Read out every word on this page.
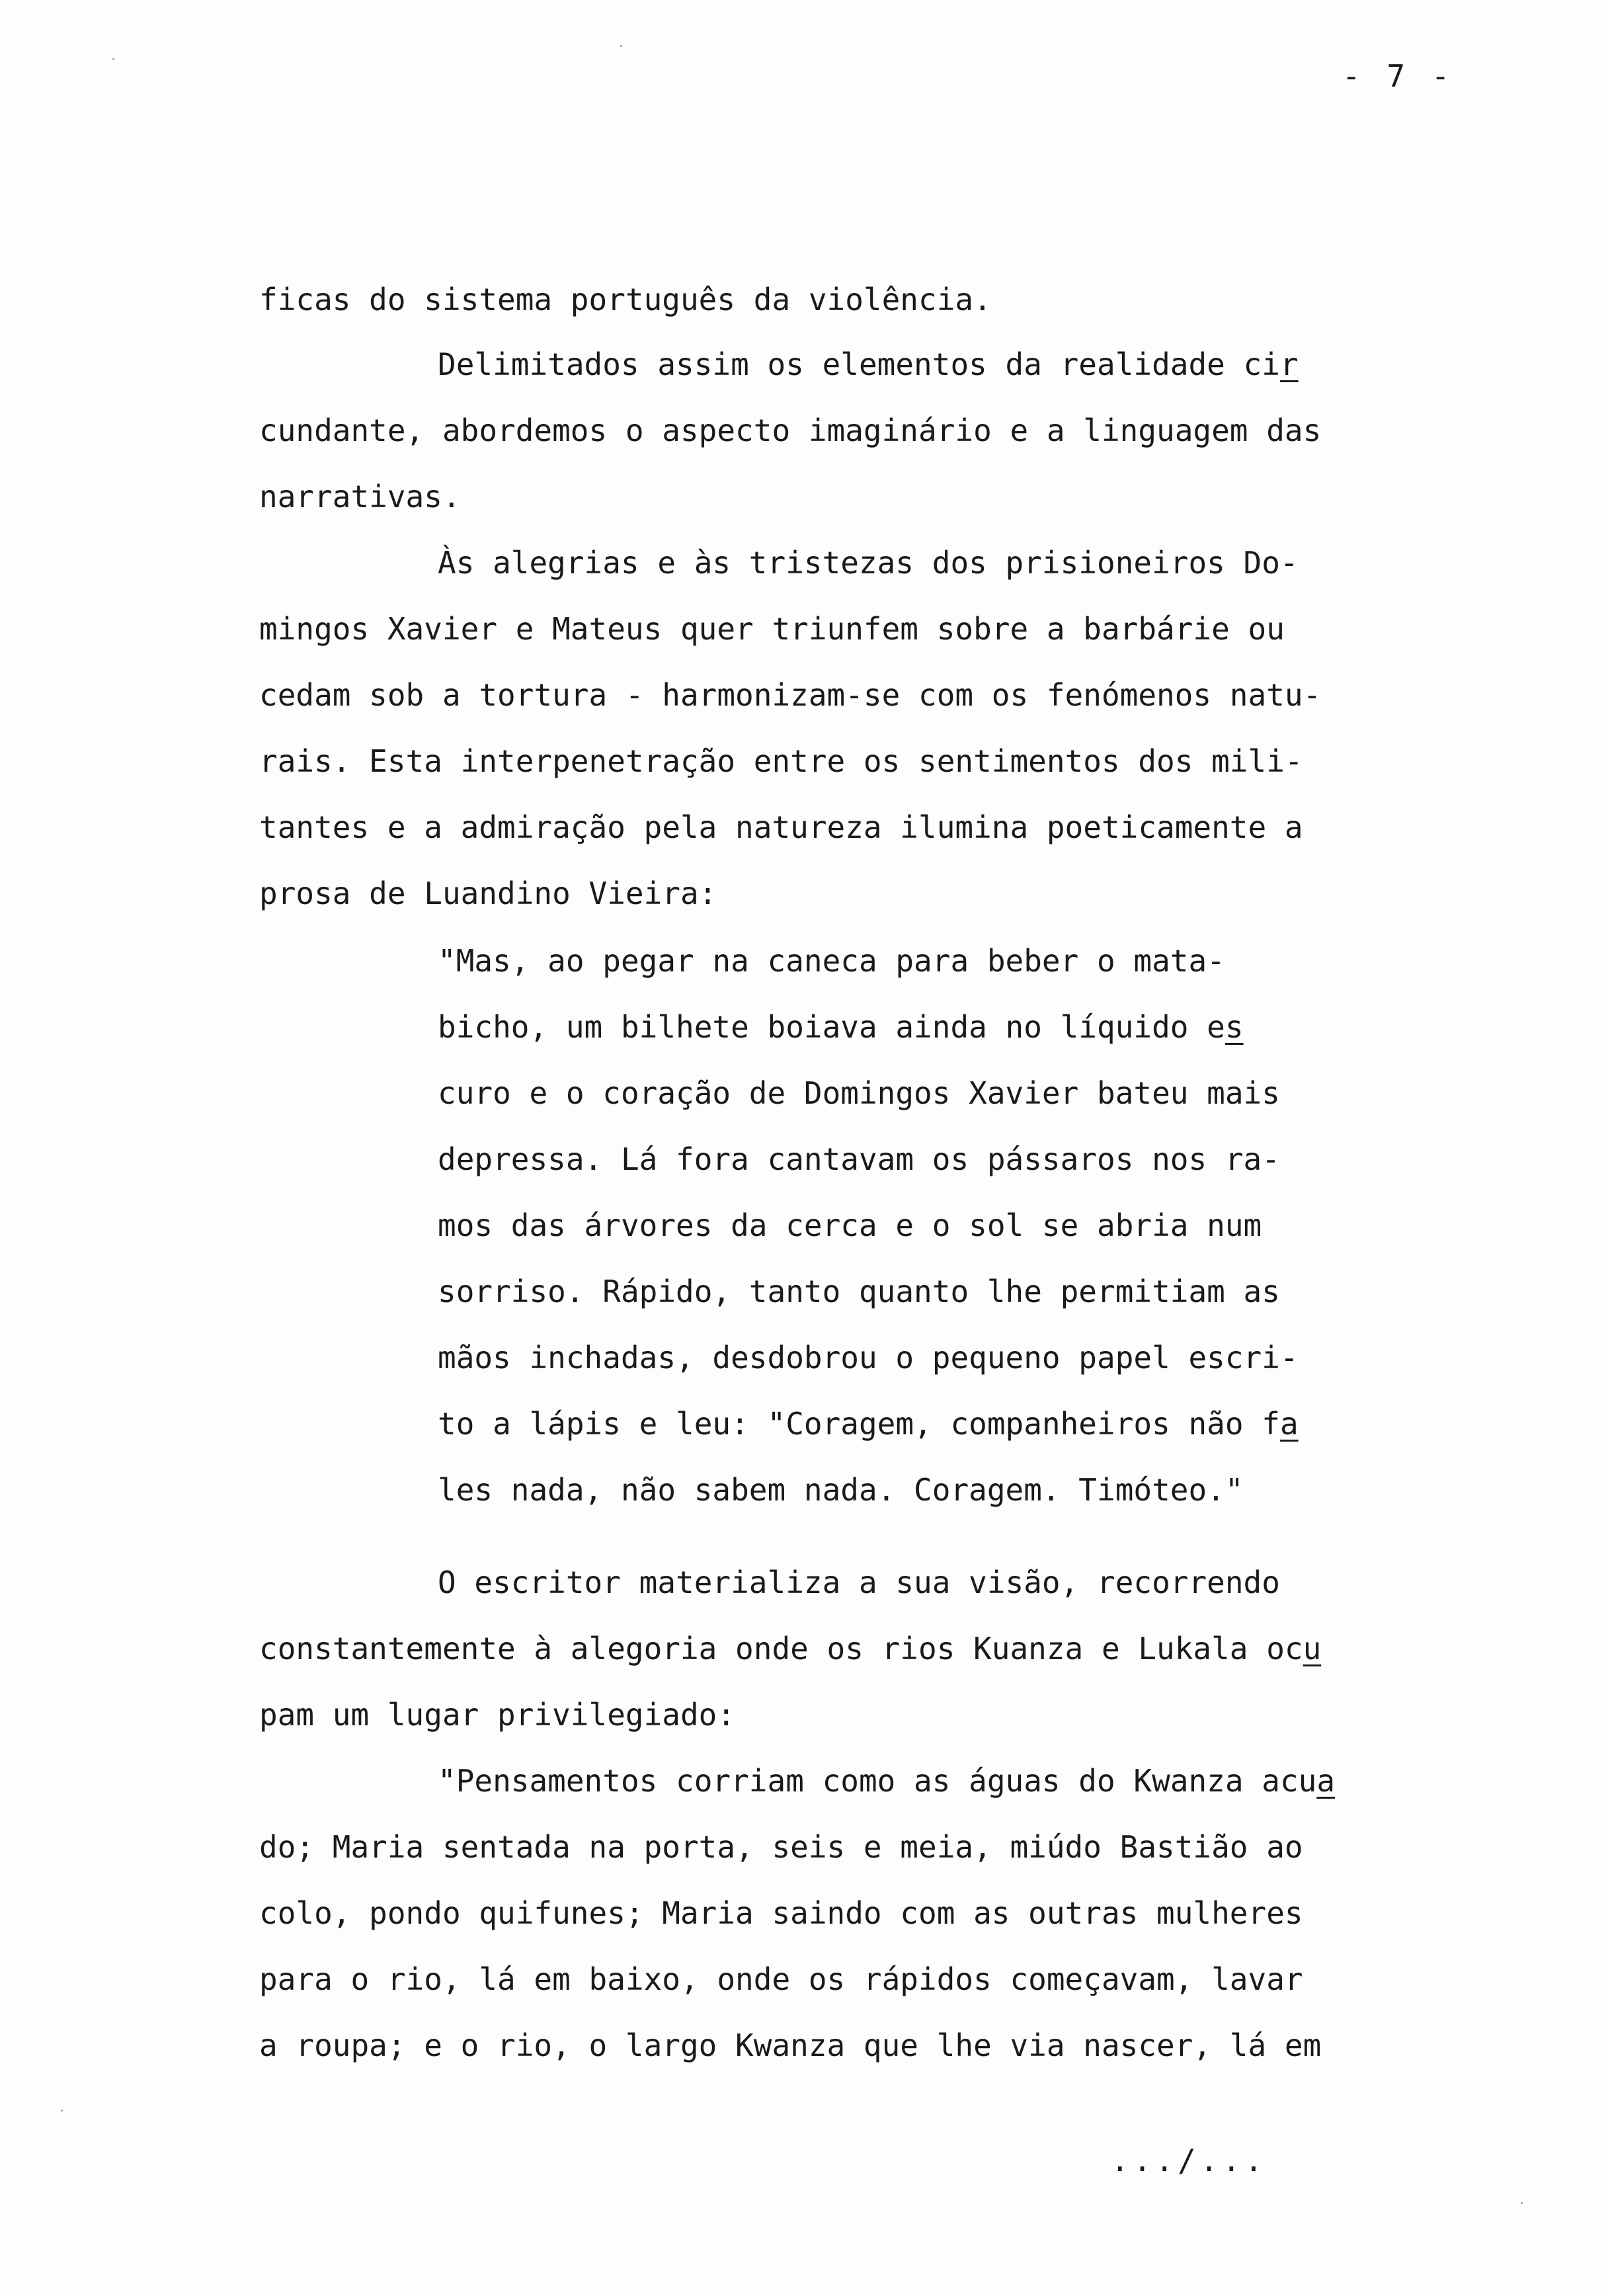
- 7 -
ficas do sistema português da violência.
Delimitados assim os elementos da realidade cir
cundante, abordemos o aspecto imaginário e a linguagem das
narrativas.
Às alegrias e às tristezas dos prisioneiros Do-
mingos Xavier e Mateus quer triunfem sobre a barbárie ou
cedam sob a tortura - harmonizam-se com os fenómenos natu-
rais. Esta interpenetração entre os sentimentos dos mili-
tantes e a admiração pela natureza ilumina poeticamente a
prosa de Luandino Vieira:
"Mas, ao pegar na caneca para beber o mata-
bicho, um bilhete boiava ainda no líquido es
curo e o coração de Domingos Xavier bateu mais
depressa. Lá fora cantavam os pássaros nos ra-
mos das árvores da cerca e o sol se abria num
sorriso. Rápido, tanto quanto lhe permitiam as
mãos inchadas, desdobrou o pequeno papel escri-
to a lápis e leu: "Coragem, companheiros não fa
les nada, não sabem nada. Coragem. Timóteo."
O escritor materializa a sua visão, recorrendo
constantemente à alegoria onde os rios Kuanza e Lukala ocu
pam um lugar privilegiado:
"Pensamentos corriam como as águas do Kwanza acua
do; Maria sentada na porta, seis e meia, miúdo Bastião ao
colo, pondo quifunes; Maria saindo com as outras mulheres
para o rio, lá em baixo, onde os rápidos começavam, lavar
a roupa; e o rio, o largo Kwanza que lhe via nascer, lá em
.../...
